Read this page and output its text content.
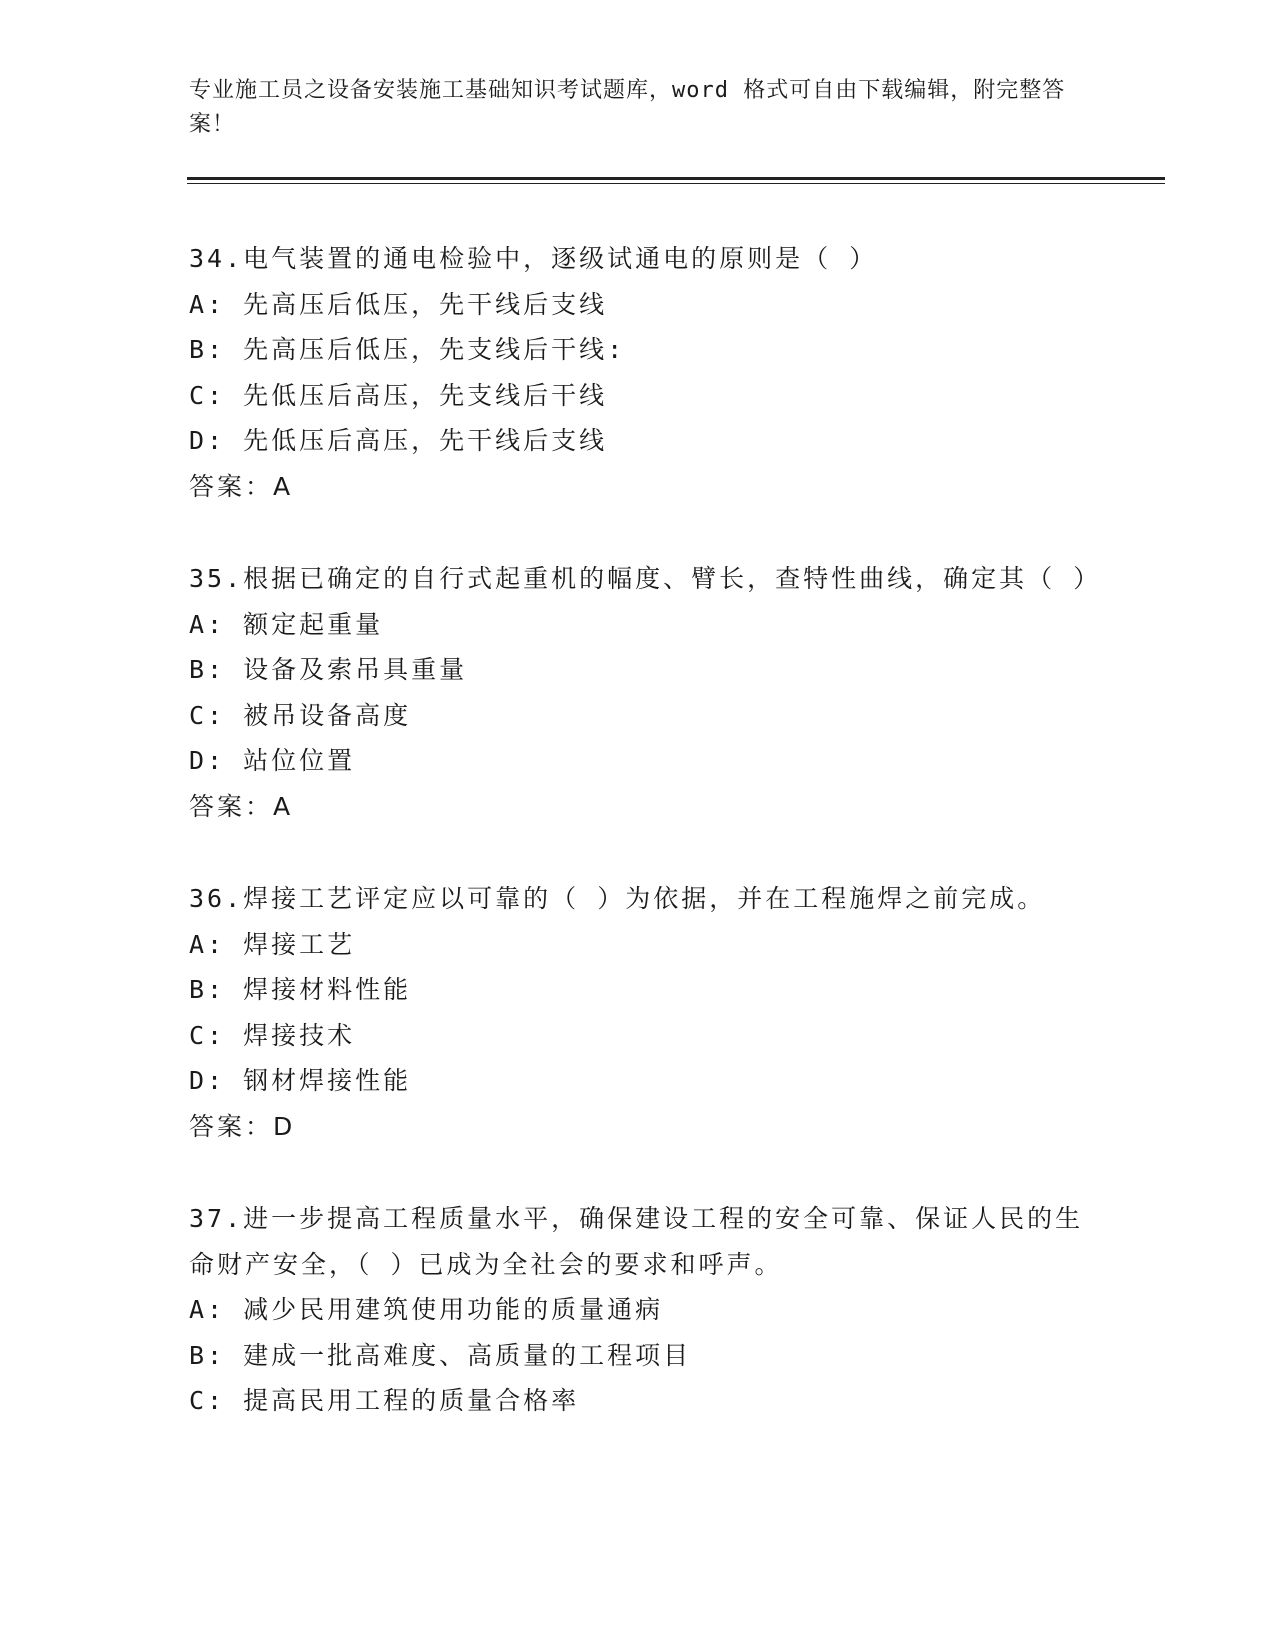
专业施工员之设备安装施工基础知识考试题库，word 格式可自由下载编辑，附完整答案！
34.电气装置的通电检验中，逐级试通电的原则是（ ）
A: 先高压后低压，先干线后支线
B: 先高压后低压，先支线后干线:
C: 先低压后高压，先支线后干线
D: 先低压后高压，先干线后支线
答案：A
35.根据已确定的自行式起重机的幅度、臂长，查特性曲线，确定其（ ）
A: 额定起重量
B: 设备及索吊具重量
C: 被吊设备高度
D: 站位位置
答案：A
36.焊接工艺评定应以可靠的（ ）为依据，并在工程施焊之前完成。
A: 焊接工艺
B: 焊接材料性能
C: 焊接技术
D: 钢材焊接性能
答案：D
37.进一步提高工程质量水平，确保建设工程的安全可靠、保证人民的生命财产安全，（ ）已成为全社会的要求和呼声。
A: 减少民用建筑使用功能的质量通病
B: 建成一批高难度、高质量的工程项目
C: 提高民用工程的质量合格率
